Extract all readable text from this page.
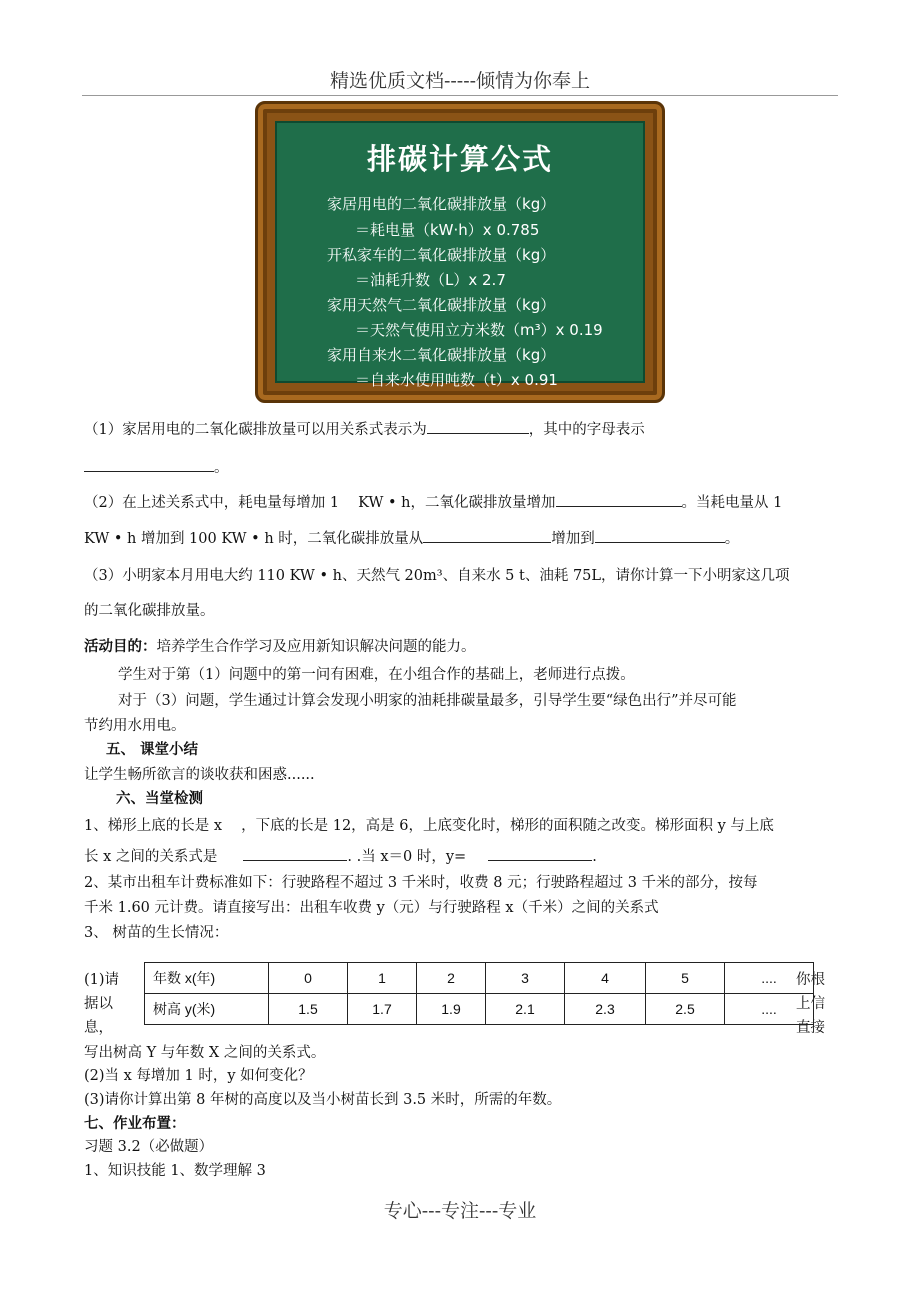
精选优质文档-----倾情为你奉上
排碳计算公式
家居用电的二氧化碳排放量（kg）
＝耗电量（kW·h）x 0.785
开私家车的二氧化碳排放量（kg）
＝油耗升数（L）x 2.7
家用天然气二氧化碳排放量（kg）
＝天然气使用立方米数（m³）x 0.19
家用自来水二氧化碳排放量（kg）
＝自来水使用吨数（t）x 0.91
（1）家居用电的二氧化碳排放量可以用关系式表示为	，其中的字母表示
。
（2）在上述关系式中，耗电量每增加 1　 KW • h，二氧化碳排放量增加	。当耗电量从 1
KW • h 增加到 100 KW • h 时，二氧化碳排放量从	增加到	。
（3）小明家本月用电大约 110 KW • h、天然气 20m³、自来水 5 t、油耗 75L，请你计算一下小明家这几项
的二氧化碳排放量。
活动目的：培养学生合作学习及应用新知识解决问题的能力。
学生对于第（1）问题中的第一问有困难，在小组合作的基础上，老师进行点拨。
对于（3）问题，学生通过计算会发现小明家的油耗排碳量最多，引导学生要“绿色出行”并尽可能
节约用水用电。
五、 课堂小结
让学生畅所欲言的谈收获和困惑......
六、当堂检测
1、梯形上底的长是 x　 ，下底的长是 12，高是 6，上底变化时，梯形的面积随之改变。梯形面积 y 与上底
长 x 之间的关系式是	. .当 x＝0 时，y=	.
2、某市出租车计费标准如下：行驶路程不超过 3 千米时，收费 8 元；行驶路程超过 3 千米的部分，按每
千米 1.60 元计费。请直接写出：出租车收费 y（元）与行驶路程 x（千米）之间的关系式
3、 树苗的生长情况：
(1)请
据以
息，
你根
上信
直接
年数 x(年)	0	1	2	3	4	5	....
树高 y(米)	1.5	1.7	1.9	2.1	2.3	2.5	....
写出树高 Y 与年数 X 之间的关系式。
(2)当 x 每增加 1 时，y 如何变化？
(3)请你计算出第 8 年树的高度以及当小树苗长到 3.5 米时，所需的年数。
七、作业布置：
习题 3.2（必做题）
1、知识技能 1、数学理解 3
专心---专注---专业
